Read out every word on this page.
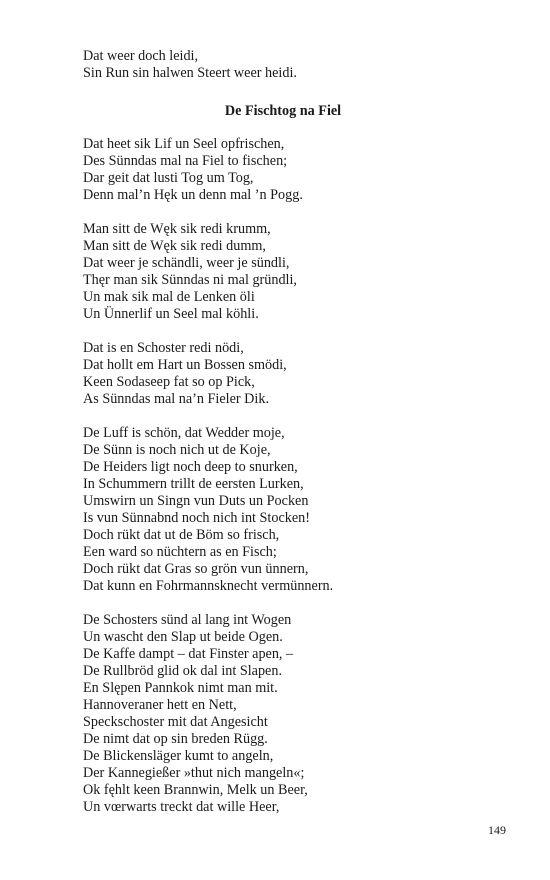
Dat weer doch leidi,
Sin Run sin halwen Steert weer heidi.
De Fischtog na Fiel
Dat heet sik Lif un Seel opfrischen,
Des Sünndas mal na Fiel to fischen;
Dar geit dat lusti Tog um Tog,
Denn mal’n Hęk un denn mal ’n Pogg.
Man sitt de Węk sik redi krumm,
Man sitt de Węk sik redi dumm,
Dat weer je schändli, weer je sündli,
Thęr man sik Sünndas ni mal gründli,
Un mak sik mal de Lenken öli
Un Ünnerlif un Seel mal köhli.
Dat is en Schoster redi nödi,
Dat hollt em Hart un Bossen smödi,
Keen Sodaseep fat so op Pick,
As Sünndas mal na’n Fieler Dik.
De Luff is schön, dat Wedder moje,
De Sünn is noch nich ut de Koje,
De Heiders ligt noch deep to snurken,
In Schummern trillt de eersten Lurken,
Umswirn un Singn vun Duts un Pocken
Is vun Sünnabnd noch nich int Stocken!
Doch rükt dat ut de Böm so frisch,
Een ward so nüchtern as en Fisch;
Doch rükt dat Gras so grön vun ünnern,
Dat kunn en Fohrmannsknecht vermünnern.
De Schosters sünd al lang int Wogen
Un wascht den Slap ut beide Ogen.
De Kaffe dampt – dat Finster apen, –
De Rullbröd glid ok dal int Slapen.
En Slępen Pannkok nimt man mit.
Hannoveraner hett en Nett,
Speckschoster mit dat Angesicht
De nimt dat op sin breden Rügg.
De Blickensläger kumt to angeln,
Der Kannegießer »thut nich mangeln«;
Ok fęhlt keen Brannwin, Melk un Beer,
Un vœrwarts treckt dat wille Heer,
149
